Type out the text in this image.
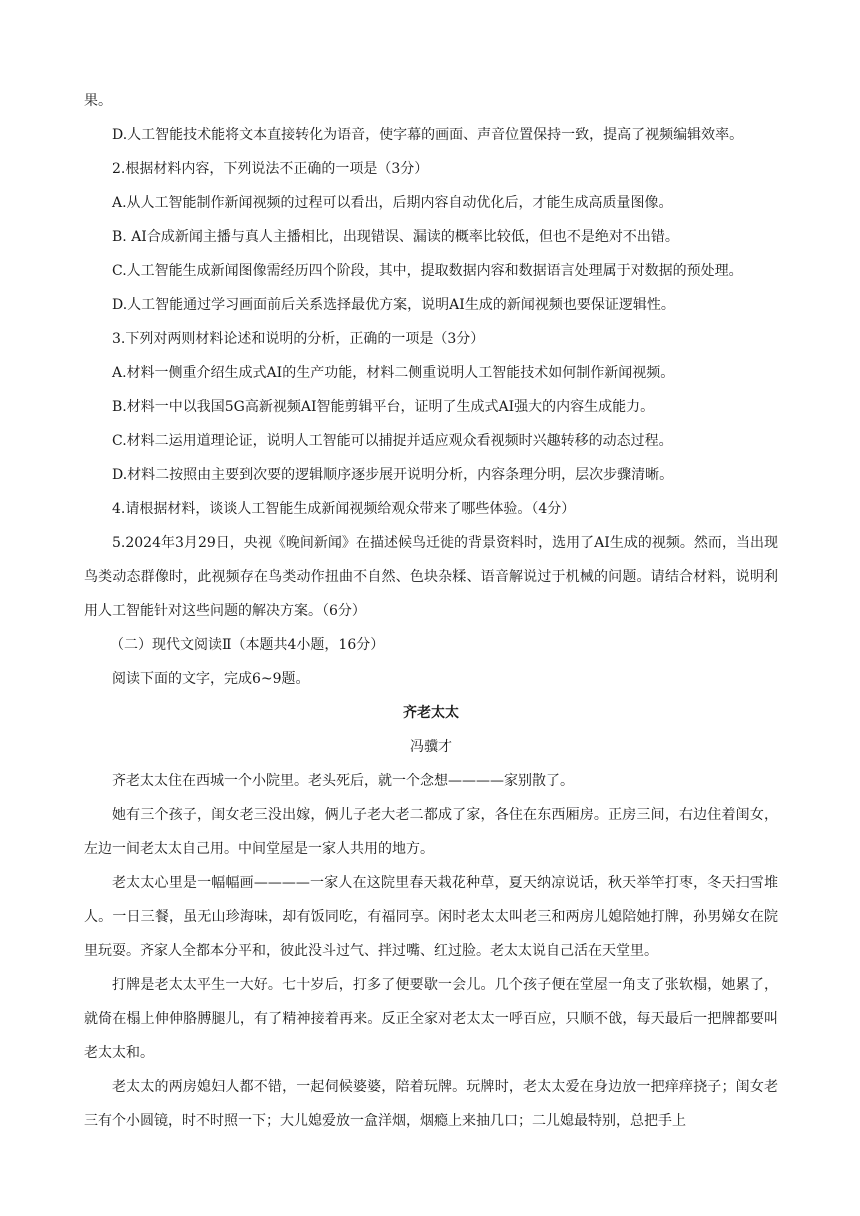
果。

D.人工智能技术能将文本直接转化为语音，使字幕的画面、声音位置保持一致，提高了视频编辑效率。

2.根据材料内容，下列说法不正确的一项是（3分）

A.从人工智能制作新闻视频的过程可以看出，后期内容自动优化后，才能生成高质量图像。

B. AI合成新闻主播与真人主播相比，出现错误、漏读的概率比较低，但也不是绝对不出错。

C.人工智能生成新闻图像需经历四个阶段，其中，提取数据内容和数据语言处理属于对数据的预处理。

D.人工智能通过学习画面前后关系选择最优方案，说明AI生成的新闻视频也要保证逻辑性。

3.下列对两则材料论述和说明的分析，正确的一项是（3分）

A.材料一侧重介绍生成式AI的生产功能，材料二侧重说明人工智能技术如何制作新闻视频。

B.材料一中以我国5G高新视频AI智能剪辑平台，证明了生成式AI强大的内容生成能力。

C.材料二运用道理论证，说明人工智能可以捕捉并适应观众看视频时兴趣转移的动态过程。

D.材料二按照由主要到次要的逻辑顺序逐步展开说明分析，内容条理分明，层次步骤清晰。

4.请根据材料，谈谈人工智能生成新闻视频给观众带来了哪些体验。（4分）

5.2024年3月29日，央视《晚间新闻》在描述候鸟迁徙的背景资料时，选用了AI生成的视频。然而，当出现鸟类动态群像时，此视频存在鸟类动作扭曲不自然、色块杂糅、语音解说过于机械的问题。请结合材料，说明利用人工智能针对这些问题的解决方案。（6分）

（二）现代文阅读Ⅱ（本题共4小题，16分）

阅读下面的文字，完成6~9题。

齐老太太

冯骥才

齐老太太住在西城一个小院里。老头死后，就一个念想————家别散了。

她有三个孩子，闺女老三没出嫁，俩儿子老大老二都成了家，各住在东西厢房。正房三间，右边住着闺女，左边一间老太太自己用。中间堂屋是一家人共用的地方。

老太太心里是一幅幅画————一家人在这院里春天栽花种草，夏天纳凉说话，秋天举竿打枣，冬天扫雪堆人。一日三餐，虽无山珍海味，却有饭同吃，有福同享。闲时老太太叫老三和两房儿媳陪她打牌，孙男娣女在院里玩耍。齐家人全都本分平和，彼此没斗过气、拌过嘴、红过脸。老太太说自己活在天堂里。

打牌是老太太平生一大好。七十岁后，打多了便要歇一会儿。几个孩子便在堂屋一角支了张软榻，她累了，就倚在榻上伸伸胳膊腿儿，有了精神接着再来。反正全家对老太太一呼百应，只顺不戗，每天最后一把牌都要叫老太太和。

老太太的两房媳妇人都不错，一起伺候婆婆，陪着玩牌。玩牌时，老太太爱在身边放一把痒痒挠子；闺女老三有个小圆镜，时不时照一下；大儿媳爱放一盒洋烟，烟瘾上来抽几口；二儿媳最特别，总把手上
